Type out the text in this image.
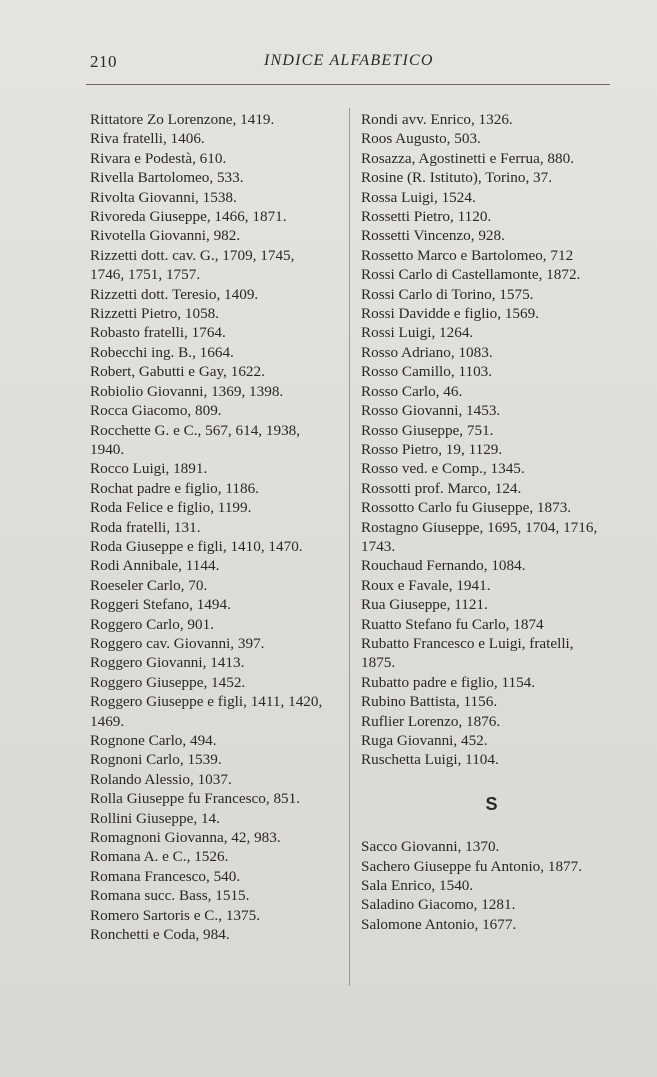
210	INDICE ALFABETICO
Rittatore Zo Lorenzone, 1419.
Riva fratelli, 1406.
Rivara e Podestà, 610.
Rivella Bartolomeo, 533.
Rivolta Giovanni, 1538.
Rivoreda Giuseppe, 1466, 1871.
Rivotella Giovanni, 982.
Rizzetti dott. cav. G., 1709, 1745,
1746, 1751, 1757.
Rizzetti dott. Teresio, 1409.
Rizzetti Pietro, 1058.
Robasto fratelli, 1764.
Robecchi ing. B., 1664.
Robert, Gabutti e Gay, 1622.
Robiolio Giovanni, 1369, 1398.
Rocca Giacomo, 809.
Rocchette G. e C., 567, 614, 1938,
1940.
Rocco Luigi, 1891.
Rochat padre e figlio, 1186.
Roda Felice e figlio, 1199.
Roda fratelli, 131.
Roda Giuseppe e figli, 1410, 1470.
Rodi Annibale, 1144.
Roeseler Carlo, 70.
Roggeri Stefano, 1494.
Roggero Carlo, 901.
Roggero cav. Giovanni, 397.
Roggero Giovanni, 1413.
Roggero Giuseppe, 1452.
Roggero Giuseppe e figli, 1411, 1420,
1469.
Rognone Carlo, 494.
Rognoni Carlo, 1539.
Rolando Alessio, 1037.
Rolla Giuseppe fu Francesco, 851.
Rollini Giuseppe, 14.
Romagnoni Giovanna, 42, 983.
Romana A. e C., 1526.
Romana Francesco, 540.
Romana succ. Bass, 1515.
Romero Sartoris e C., 1375.
Ronchetti e Coda, 984.
Rondi avv. Enrico, 1326.
Roos Augusto, 503.
Rosazza, Agostinetti e Ferrua, 880.
Rosine (R. Istituto), Torino, 37.
Rossa Luigi, 1524.
Rossetti Pietro, 1120.
Rossetti Vincenzo, 928.
Rossetto Marco e Bartolomeo, 712
Rossi Carlo di Castellamonte, 1872.
Rossi Carlo di Torino, 1575.
Rossi Davidde e figlio, 1569.
Rossi Luigi, 1264.
Rosso Adriano, 1083.
Rosso Camillo, 1103.
Rosso Carlo, 46.
Rosso Giovanni, 1453.
Rosso Giuseppe, 751.
Rosso Pietro, 19, 1129.
Rosso ved. e Comp., 1345.
Rossotti prof. Marco, 124.
Rossotto Carlo fu Giuseppe, 1873.
Rostagno Giuseppe, 1695, 1704, 1716,
1743.
Rouchaud Fernando, 1084.
Roux e Favale, 1941.
Rua Giuseppe, 1121.
Ruatto Stefano fu Carlo, 1874
Rubatto Francesco e Luigi, fratelli,
1875.
Rubatto padre e figlio, 1154.
Rubino Battista, 1156.
Ruflier Lorenzo, 1876.
Ruga Giovanni, 452.
Ruschetta Luigi, 1104.
S
Sacco Giovanni, 1370.
Sachero Giuseppe fu Antonio, 1877.
Sala Enrico, 1540.
Saladino Giacomo, 1281.
Salomone Antonio, 1677.
